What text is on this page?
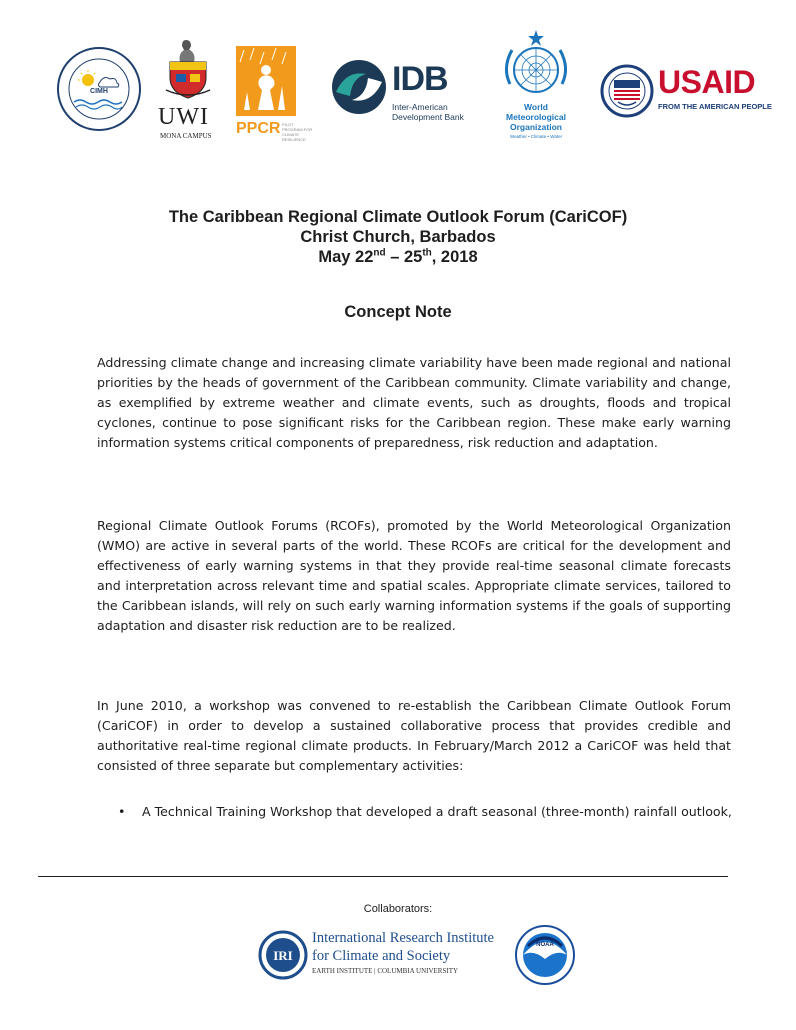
CIMH
UWI
MONA CAMPUS PPCR PILOT PROGRAM FOR CLIMATE RESILIENCE
IDB
Inter-American
Development Bank
World
Meteorological
Organization
Weather • Climate • Water
USAID
FROM THE AMERICAN PEOPLE
The Caribbean Regional Climate Outlook Forum (CariCOF)
Christ Church, Barbados
May 22nd – 25th, 2018
Concept Note
Addressing climate change and increasing climate variability have been made regional and national priorities by the heads of government of the Caribbean community. Climate variability and change, as exemplified by extreme weather and climate events, such as droughts, floods and tropical cyclones, continue to pose significant risks for the Caribbean region. These make early warning information systems critical components of preparedness, risk reduction and adaptation.
Regional Climate Outlook Forums (RCOFs), promoted by the World Meteorological Organization (WMO) are active in several parts of the world. These RCOFs are critical for the development and effectiveness of early warning systems in that they provide real-time seasonal climate forecasts and interpretation across relevant time and spatial scales. Appropriate climate services, tailored to the Caribbean islands, will rely on such early warning information systems if the goals of supporting adaptation and disaster risk reduction are to be realized.
In June 2010, a workshop was convened to re-establish the Caribbean Climate Outlook Forum (CariCOF) in order to develop a sustained collaborative process that provides credible and authoritative real-time regional climate products. In February/March 2012 a CariCOF was held that consisted of three separate but complementary activities:
• A Technical Training Workshop that developed a draft seasonal (three-month) rainfall outlook,
Collaborators:
IRI
International Research Institute
for Climate and Society
EARTH INSTITUTE | COLUMBIA UNIVERSITY
NOAA
